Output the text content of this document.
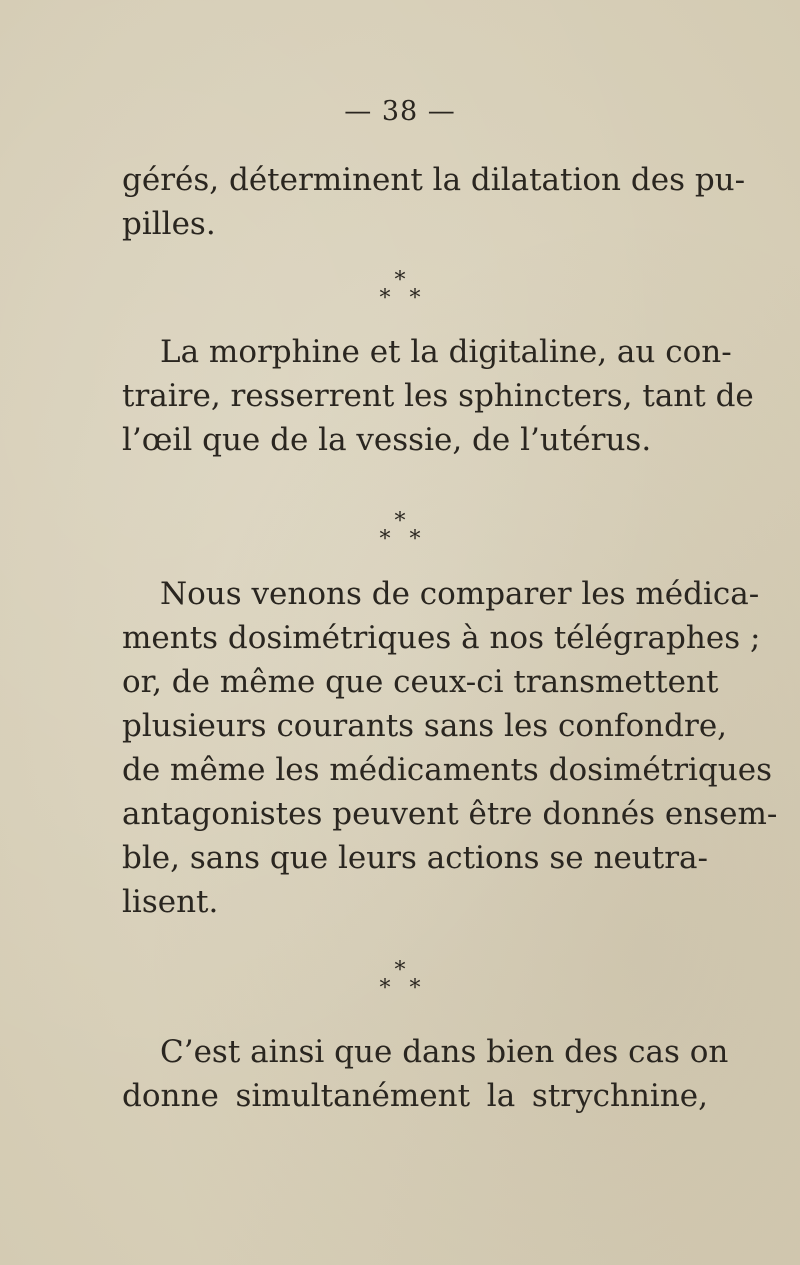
— 38 —
gérés, déterminent la dilatation des pu-
pilles.
*
* *
La morphine et la digitaline, au con-
traire, resserrent les sphincters, tant de
l’œil que de la vessie, de l’utérus.
*
* *
Nous venons de comparer les médica-
ments dosimétriques à nos télégraphes ;
or, de même que ceux-ci transmettent
plusieurs courants sans les confondre,
de même les médicaments dosimétriques
antagonistes peuvent être donnés ensem-
ble, sans que leurs actions se neutra-
lisent.
*
* *
C’est ainsi que dans bien des cas on
donne simultanément la strychnine,
